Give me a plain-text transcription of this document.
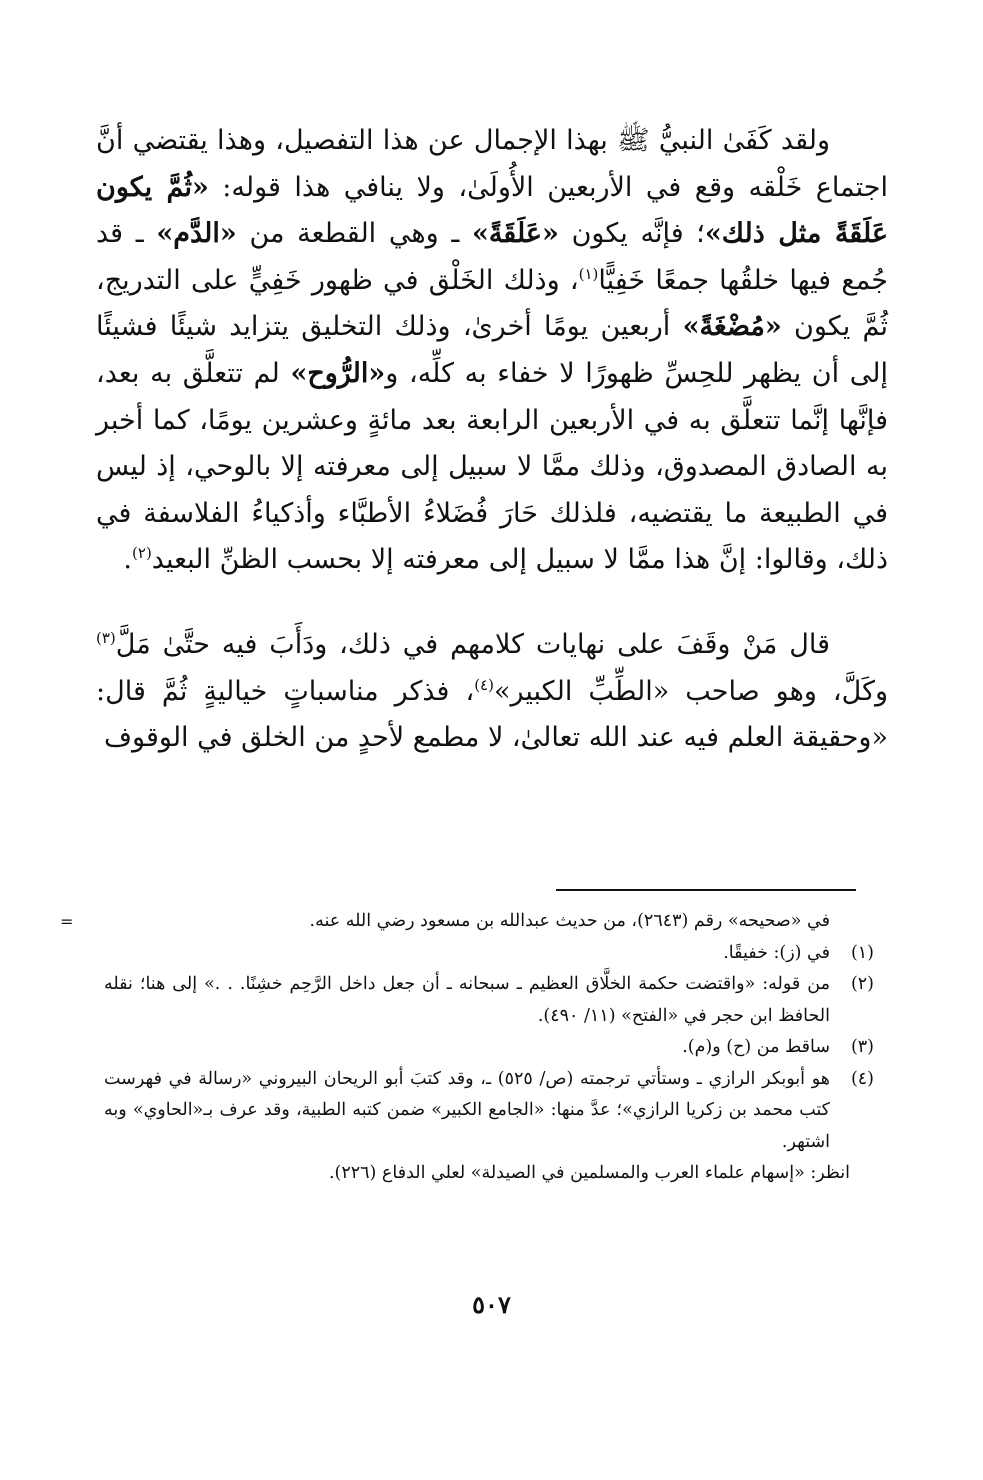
ولقد كَفَىٰ النبيُّ ﷺ بهذا الإجمال عن هذا التفصيل، وهذا يقتضي أنَّ اجتماع خَلْقه وقع في الأربعين الأُولَىٰ، ولا ينافي هذا قوله: «ثُمَّ يكون عَلَقَةً مثل ذلك»؛ فإنَّه يكون «عَلَقَةً» ـ وهي القطعة من «الدَّم» ـ قد جُمع فيها خلقُها جمعًا خَفِيًّا$^{(١)}$، وذلك الخَلْق في ظهور خَفِيٍّ على التدريج، ثُمَّ يكون «مُضْغَةً» أربعين يومًا أخرىٰ، وذلك التخليق يتزايد شيئًا فشيئًا إلى أن يظهر للحِسِّ ظهورًا لا خفاء به كلِّه، و«الرُّوح» لم تتعلَّق به بعد، فإنَّها إنَّما تتعلَّق به في الأربعين الرابعة بعد مائةٍ وعشرين يومًا، كما أخبر به الصادق المصدوق، وذلك ممَّا لا سبيل إلى معرفته إلا بالوحي، إذ ليس في الطبيعة ما يقتضيه، فلذلك حَارَ فُضَلاءُ الأطبَّاء وأذكياءُ الفلاسفة في ذلك، وقالوا: إنَّ هذا ممَّا لا سبيل إلى معرفته إلا بحسب الظنِّ البعيد$^{(٢)}$.

قال مَنْ وقَفَ على نهايات كلامهم في ذلك، ودَأَبَ فيه حتَّىٰ مَلَّ$^{(٣)}$ وكَلَّ، وهو صاحب «الطِّبِّ الكبير»$^{(٤)}$، فذكر مناسباتٍ خياليةٍ ثُمَّ قال: «وحقيقة العلم فيه عند الله تعالىٰ، لا مطمع لأحدٍ من الخلق في الوقوف

=	في «صحيحه» رقم (٢٦٤٣)، من حديث عبدالله بن مسعود رضي الله عنه.
(١)
في (ز): خفيقًا.
(٢)
من قوله: «واقتضت حكمة الخلَّاق العظيم ـ سبحانه ـ أن جعل داخل الرَّحِم خشِنًا. . .» إلى هنا؛ نقله الحافظ ابن حجر في «الفتح» (١١/ ٤٩٠).
(٣)
ساقط من (ح) و(م).
(٤)
هو أبوبكر الرازي ـ وستأتي ترجمته (ص/ ٥٢٥) ـ، وقد كتبَ أبو الريحان البيروني «رسالة في فهرست كتب محمد بن زكريا الرازي»؛ عدَّ منها: «الجامع الكبير» ضمن كتبه الطبية، وقد عرف بـ«الحاوي» وبه اشتهر.
انظر: «إسهام علماء العرب والمسلمين في الصيدلة» لعلي الدفاع (٢٢٦).
٥٠٧
